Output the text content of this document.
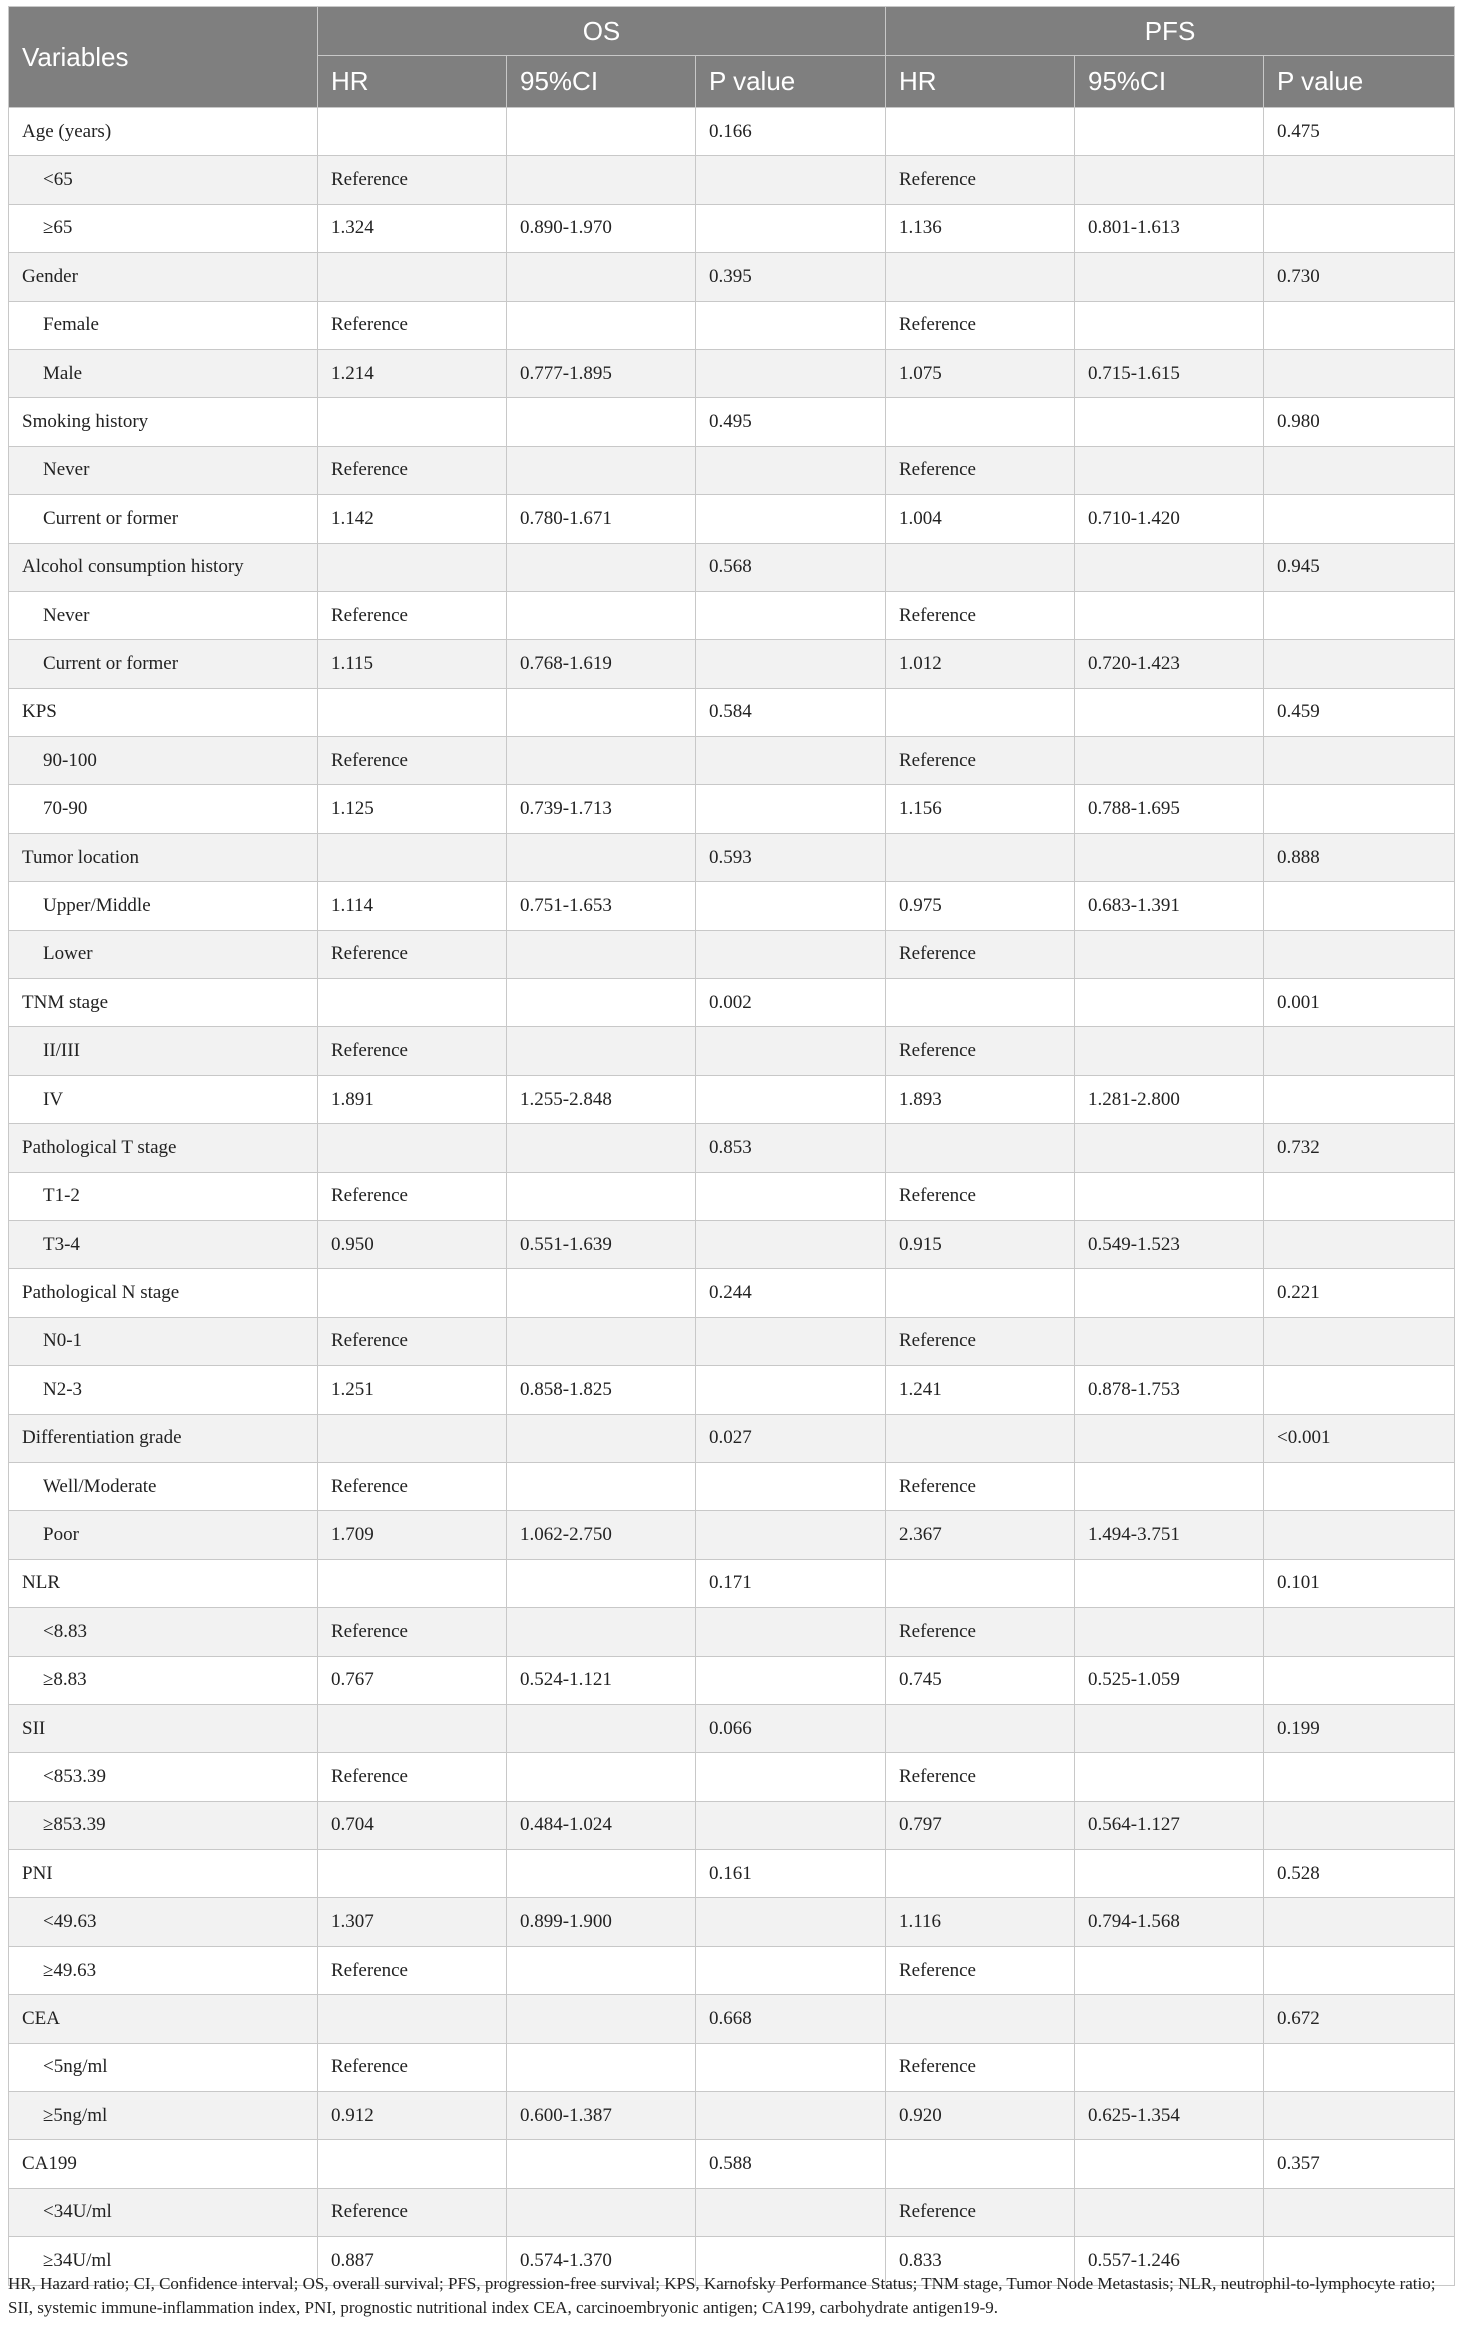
Variables	OS			PFS		
	HR	95%CI	P value	HR	95%CI	P value
Age (years)			0.166			0.475
<65	Reference			Reference		
≥65	1.324	0.890-1.970		1.136	0.801-1.613	
Gender			0.395			0.730
Female	Reference			Reference		
Male	1.214	0.777-1.895		1.075	0.715-1.615	
Smoking history			0.495			0.980
Never	Reference			Reference		
Current or former	1.142	0.780-1.671		1.004	0.710-1.420	
Alcohol consumption history			0.568			0.945
Never	Reference			Reference		
Current or former	1.115	0.768-1.619		1.012	0.720-1.423	
KPS			0.584			0.459
90-100	Reference			Reference		
70-90	1.125	0.739-1.713		1.156	0.788-1.695	
Tumor location			0.593			0.888
Upper/Middle	1.114	0.751-1.653		0.975	0.683-1.391	
Lower	Reference			Reference		
TNM stage			0.002			0.001
II/III	Reference			Reference		
IV	1.891	1.255-2.848		1.893	1.281-2.800	
Pathological T stage			0.853			0.732
T1-2	Reference			Reference		
T3-4	0.950	0.551-1.639		0.915	0.549-1.523	
Pathological N stage			0.244			0.221
N0-1	Reference			Reference		
N2-3	1.251	0.858-1.825		1.241	0.878-1.753	
Differentiation grade			0.027			<0.001
Well/Moderate	Reference			Reference		
Poor	1.709	1.062-2.750		2.367	1.494-3.751	
NLR			0.171			0.101
<8.83	Reference			Reference		
≥8.83	0.767	0.524-1.121		0.745	0.525-1.059	
SII			0.066			0.199
<853.39	Reference			Reference		
≥853.39	0.704	0.484-1.024		0.797	0.564-1.127	
PNI			0.161			0.528
<49.63	1.307	0.899-1.900		1.116	0.794-1.568	
≥49.63	Reference			Reference		
CEA			0.668			0.672
<5ng/ml	Reference			Reference		
≥5ng/ml	0.912	0.600-1.387		0.920	0.625-1.354	
CA199			0.588			0.357
<34U/ml	Reference			Reference		
≥34U/ml	0.887	0.574-1.370		0.833	0.557-1.246	
HR, Hazard ratio; CI, Confidence interval; OS, overall survival; PFS, progression-free survival; KPS, Karnofsky Performance Status; TNM stage, Tumor Node Metastasis; NLR, neutrophil-to-lymphocyte ratio; SII, systemic immune-inflammation index, PNI, prognostic nutritional index CEA, carcinoembryonic antigen; CA199, carbohydrate antigen19-9.
